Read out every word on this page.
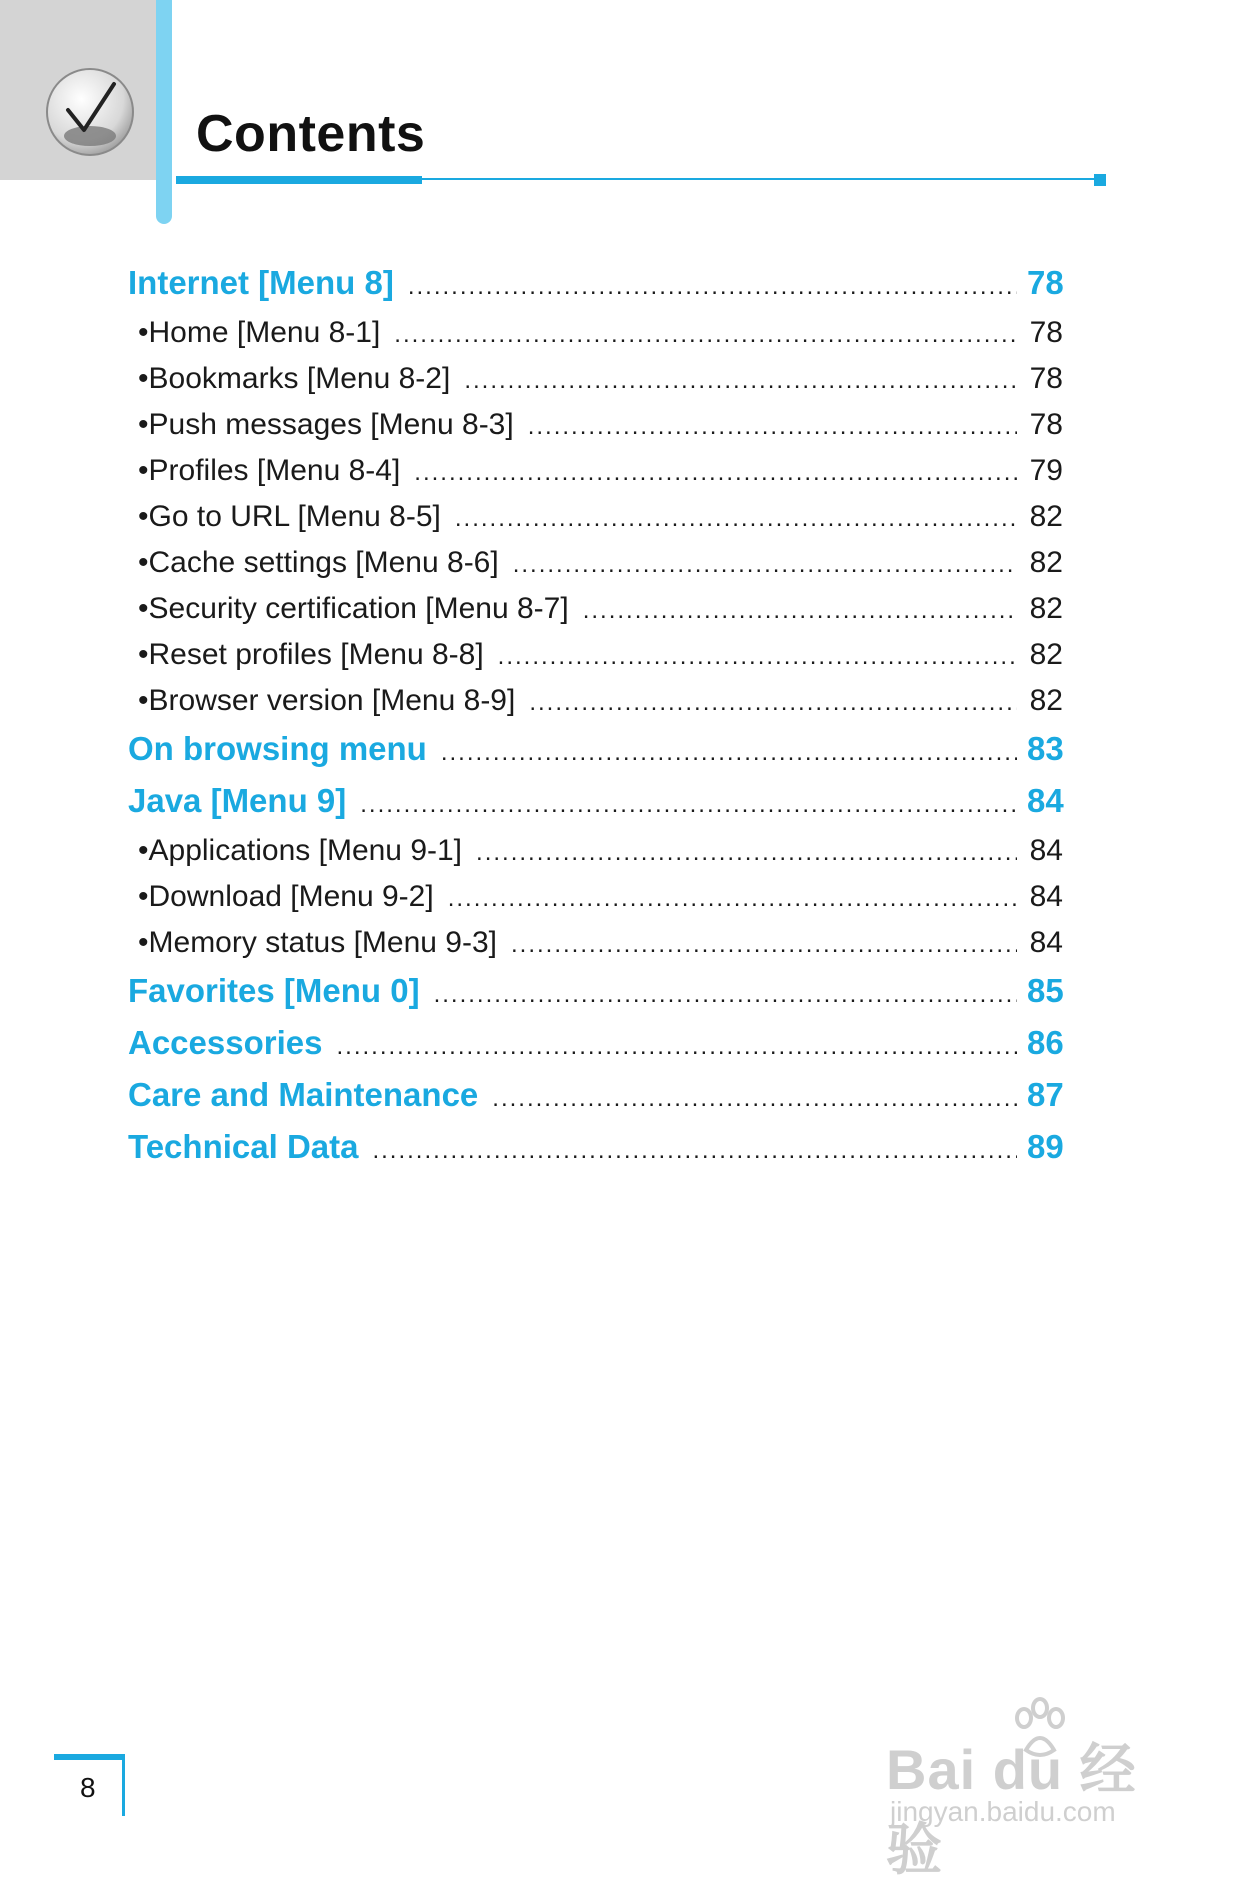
Contents
Internet [Menu 8] .....	78
• Home [Menu 8-1] .....	78
• Bookmarks [Menu 8-2] .....	78
• Push messages [Menu 8-3] .....	78
• Profiles [Menu 8-4] .....	79
• Go to URL [Menu 8-5] .....	82
• Cache settings [Menu 8-6] .....	82
• Security certification [Menu 8-7] .....	82
• Reset profiles [Menu 8-8] .....	82
• Browser version [Menu 8-9] .....	82
On browsing menu .....	83
Java [Menu 9] .....	84
• Applications [Menu 9-1] .....	84
• Download [Menu 9-2] .....	84
• Memory status [Menu 9-3] .....	84
Favorites [Menu 0] .....	85
Accessories .....	86
Care and Maintenance .....	87
Technical Data .....	89
8	Bai du 经验
jingyan.baidu.com
